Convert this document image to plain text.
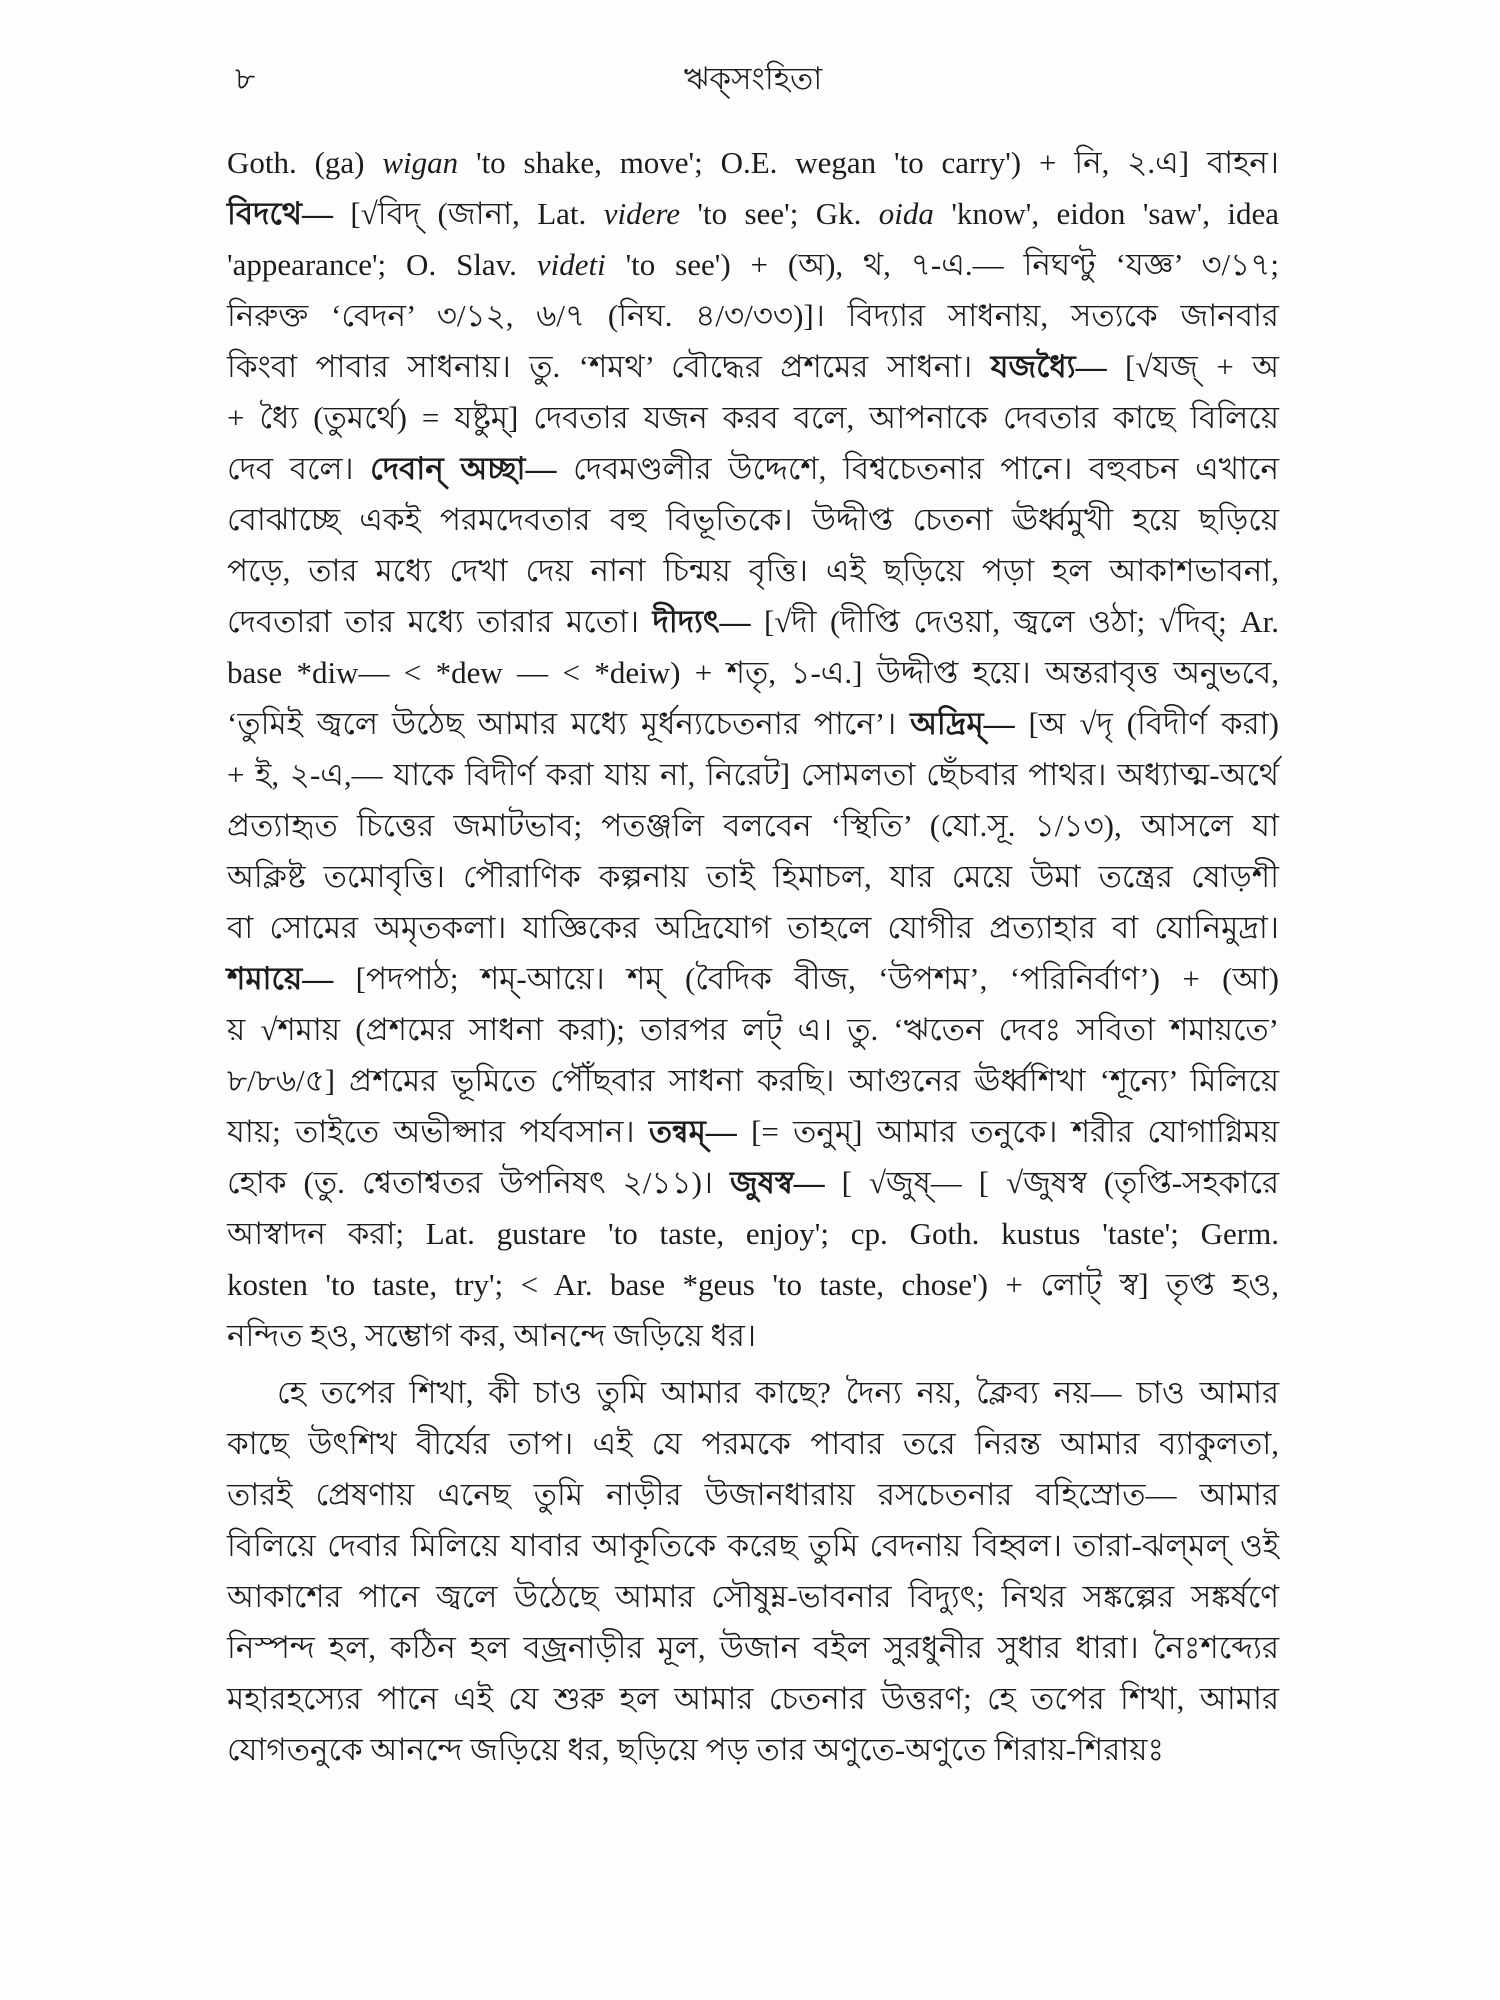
৮	ঋক্‌সংহিতা
Goth. (ga) wigan 'to shake, move'; O.E. wegan 'to carry') + নি, ২.এ] বাহন।
বিদথে— [√বিদ্ (জানা, Lat. videre 'to see'; Gk. oida 'know', eidon 'saw', idea
'appearance'; O. Slav. videti 'to see') + (অ), থ, ৭-এ.— নিঘণ্টু ‘যজ্ঞ’ ৩/১৭;
নিরুক্ত ‘বেদন’ ৩/১২, ৬/৭ (নিঘ. ৪/৩/৩৩)]। বিদ্যার সাধনায়, সত্যকে জানবার
কিংবা পাবার সাধনায়। তু. ‘শমথ’ বৌদ্ধের প্রশমের সাধনা। যজধ্যৈ— [√যজ্ + অ
+ ধ্যৈ (তুমর্থে) = যষ্টুম্] দেবতার যজন করব বলে, আপনাকে দেবতার কাছে বিলিয়ে
দেব বলে। দেবান্ অচ্ছা— দেবমণ্ডলীর উদ্দেশে, বিশ্বচেতনার পানে। বহুবচন এখানে
বোঝাচ্ছে একই পরমদেবতার বহু বিভূতিকে। উদ্দীপ্ত চেতনা ঊর্ধ্বমুখী হয়ে ছড়িয়ে
পড়ে, তার মধ্যে দেখা দেয় নানা চিন্ময় বৃত্তি। এই ছড়িয়ে পড়া হল আকাশভাবনা,
দেবতারা তার মধ্যে তারার মতো। দীদ্যৎ— [√দী (দীপ্তি দেওয়া, জ্বলে ওঠা; √দিব্; Ar.
base *diw— < *dew — < *deiw) + শতৃ, ১-এ.] উদ্দীপ্ত হয়ে। অন্তরাবৃত্ত অনুভবে,
‘তুমিই জ্বলে উঠেছ আমার মধ্যে মূর্ধন্যচেতনার পানে’। অদ্রিম্— [অ √দৃ (বিদীর্ণ করা)
+ ই, ২-এ,— যাকে বিদীর্ণ করা যায় না, নিরেট] সোমলতা ছেঁচবার পাথর। অধ্যাত্ম-অর্থে
প্রত্যাহৃত চিত্তের জমাটভাব; পতঞ্জলি বলবেন ‘স্থিতি’ (যো.সূ. ১/১৩), আসলে যা
অক্লিষ্ট তমোবৃত্তি। পৌরাণিক কল্পনায় তাই হিমাচল, যার মেয়ে উমা তন্ত্রের ষোড়শী
বা সোমের অমৃতকলা। যাজ্ঞিকের অদ্রিযোগ তাহলে যোগীর প্রত্যাহার বা যোনিমুদ্রা।
শমায়ে— [পদপাঠ; শম্-আয়ে। শম্ (বৈদিক বীজ, ‘উপশম’, ‘পরিনির্বাণ’) + (আ)
য় √শমায় (প্রশমের সাধনা করা); তারপর লট্ এ। তু. ‘ঋতেন দেবঃ সবিতা শমায়তে’
৮/৮৬/৫] প্রশমের ভূমিতে পৌঁছবার সাধনা করছি। আগুনের ঊর্ধ্বশিখা ‘শূন্যে’ মিলিয়ে
যায়; তাইতে অভীপ্সার পর্যবসান। তন্বম্— [= তনুম্] আমার তনুকে। শরীর যোগাগ্নিময়
হোক (তু. শ্বেতাশ্বতর উপনিষৎ ২/১১)। জুষস্ব— [ √জুষ্— [ √জুষস্ব (তৃপ্তি-সহকারে
আস্বাদন করা; Lat. gustare 'to taste, enjoy'; cp. Goth. kustus 'taste'; Germ.
kosten 'to taste, try'; < Ar. base *geus 'to taste, chose') + লোট্ স্ব] তৃপ্ত হও,
নন্দিত হও, সম্ভোগ কর, আনন্দে জড়িয়ে ধর।
হে তপের শিখা, কী চাও তুমি আমার কাছে? দৈন্য নয়, ক্লৈব্য নয়— চাও আমার
কাছে উৎশিখ বীর্যের তাপ। এই যে পরমকে পাবার তরে নিরন্ত আমার ব্যাকুলতা,
তারই প্রেষণায় এনেছ তুমি নাড়ীর উজানধারায় রসচেতনার বহিস্রোত— আমার
বিলিয়ে দেবার মিলিয়ে যাবার আকূতিকে করেছ তুমি বেদনায় বিহ্বল। তারা-ঝল্‌মল্ ওই
আকাশের পানে জ্বলে উঠেছে আমার সৌষুম্ন-ভাবনার বিদ্যুৎ; নিথর সঙ্কল্পের সঙ্কর্ষণে
নিস্পন্দ হল, কঠিন হল বজ্রনাড়ীর মূল, উজান বইল সুরধুনীর সুধার ধারা। নৈঃশব্দ্যের
মহারহস্যের পানে এই যে শুরু হল আমার চেতনার উত্তরণ; হে তপের শিখা, আমার
যোগতনুকে আনন্দে জড়িয়ে ধর, ছড়িয়ে পড় তার অণুতে-অণুতে শিরায়-শিরায়ঃ
